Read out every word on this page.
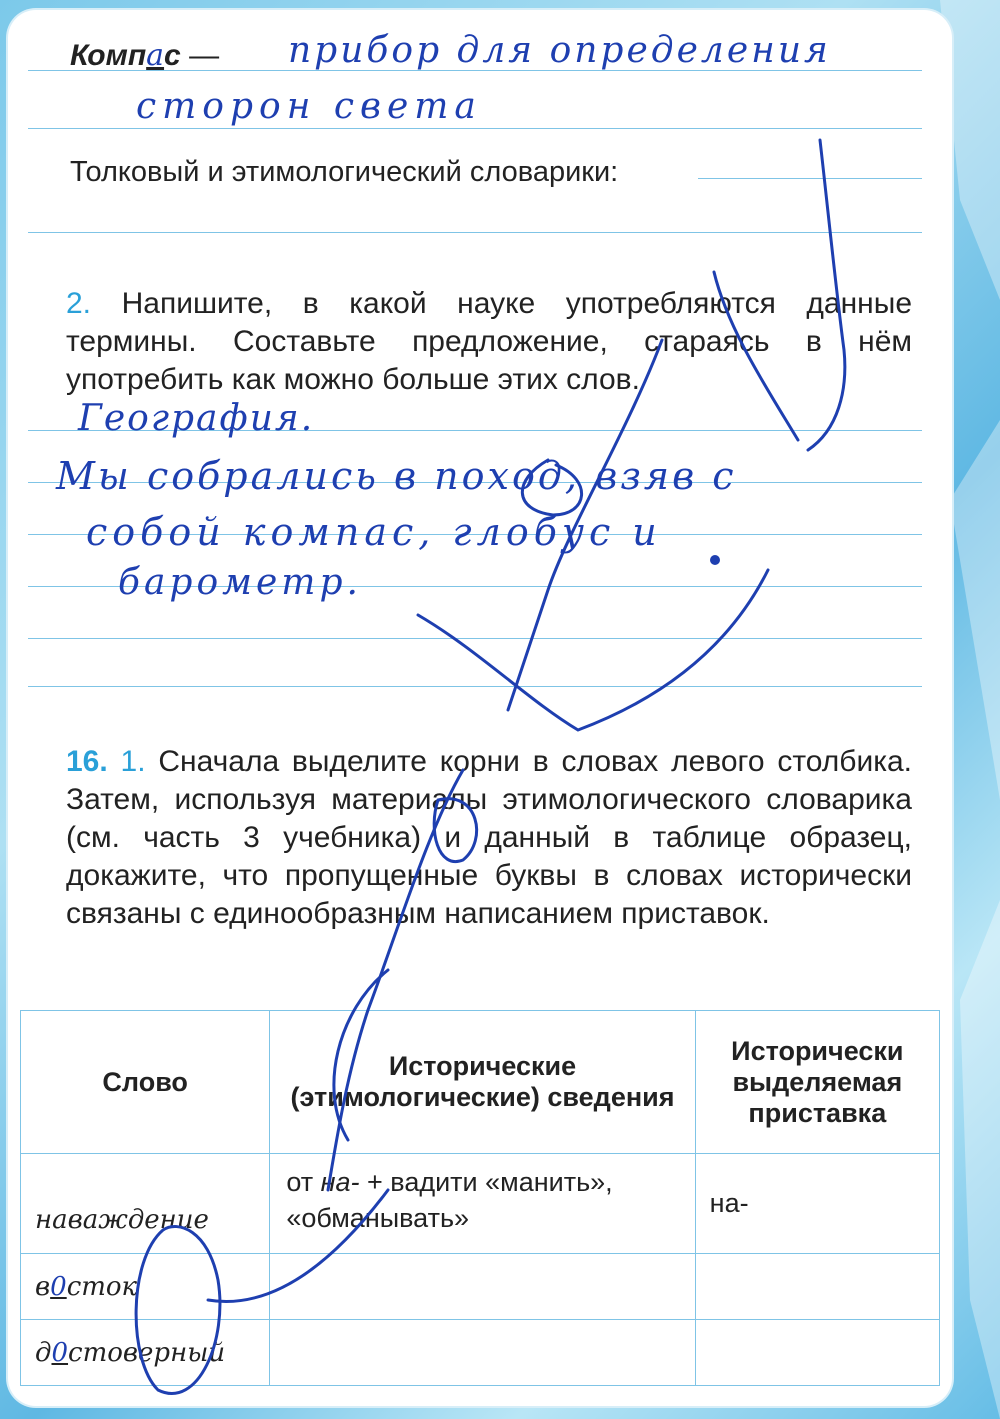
Компас — прибор для определения
сторон света
Толковый и этимологический словарики:
2. Напишите, в какой науке употребляются данные термины. Составьте предложение, стараясь в нём употребить как можно больше этих слов.
География.
Мы собрались в поход, взяв с
собой компас, глобус и
барометр.
16. 1. Сначала выделите корни в словах левого столбика. Затем, используя материалы этимологического словарика (см. часть 3 учебника) и данный в таблице образец, докажите, что пропущенные буквы в словах исторически связаны с единообразным написанием приставок.
Слово	Исторические (этимологические) сведения	Исторически выделяемая приставка
наваждение	от на- + вадити «манить», «обманывать»	на-
в0сток		
д0стоверный		
